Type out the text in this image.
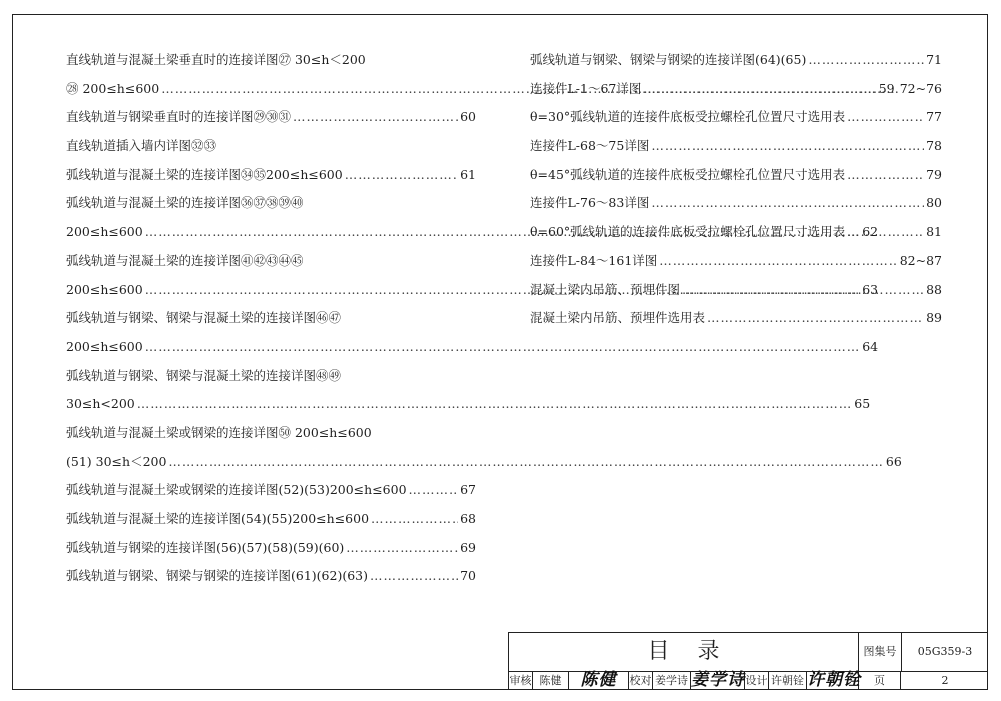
直线轨道与混凝土梁垂直时的连接详图㉗ 30≤h＜200
㉘ 200≤h≤600 ……………………………………………………………………………………………………………………………………………	59
直线轨道与钢梁垂直时的连接详图㉙㉚㉛ ……………………………………………………………………………………………………………………………………………	60
直线轨道插入墙内详图㉜㉝
弧线轨道与混凝土梁的连接详图㉞㉟200≤h≤600 ……………………………………………………………………………………………………………………………………………	61
弧线轨道与混凝土梁的连接详图㊱㊲㊳㊴㊵
200≤h≤600 ……………………………………………………………………………………………………………………………………………	62
弧线轨道与混凝土梁的连接详图㊶㊷㊸㊹㊺
200≤h≤600 ……………………………………………………………………………………………………………………………………………	63
弧线轨道与钢梁、钢梁与混凝土梁的连接详图㊻㊼
200≤h≤600 ……………………………………………………………………………………………………………………………………………	64
弧线轨道与钢梁、钢梁与混凝土梁的连接详图㊽㊾
30≤h<200 ……………………………………………………………………………………………………………………………………………	65
弧线轨道与混凝土梁或钢梁的连接详图㊿ 200≤h≤600
(51) 30≤h＜200 ……………………………………………………………………………………………………………………………………………	66
弧线轨道与混凝土梁或钢梁的连接详图(52)(53)200≤h≤600 ……………………………………………………………………………………………………………………………………………	67
弧线轨道与混凝土梁的连接详图(54)(55)200≤h≤600 ……………………………………………………………………………………………………………………………………………	68
弧线轨道与钢梁的连接详图(56)(57)(58)(59)(60) ……………………………………………………………………………………………………………………………………………	69
弧线轨道与钢梁、钢梁与钢梁的连接详图(61)(62)(63) ……………………………………………………………………………………………………………………………………………	70
弧线轨道与钢梁、钢梁与钢梁的连接详图(64)(65) ……………………………………………………………………………………………………………………………………………	71
连接件L-1～67详图 ……………………………………………………………………………………………………………………………………………	72~76
θ=30°弧线轨道的连接件底板受拉螺栓孔位置尺寸选用表 ……………………………………………………………………………………………………………………………………………	77
连接件L-68～75详图 ……………………………………………………………………………………………………………………………………………	78
θ=45°弧线轨道的连接件底板受拉螺栓孔位置尺寸选用表 ……………………………………………………………………………………………………………………………………………	79
连接件L-76～83详图 ……………………………………………………………………………………………………………………………………………	80
θ=60°弧线轨道的连接件底板受拉螺栓孔位置尺寸选用表 ……………………………………………………………………………………………………………………………………………	81
连接件L-84～161详图 ……………………………………………………………………………………………………………………………………………	82~87
混凝土梁内吊筋、预埋件图 ……………………………………………………………………………………………………………………………………………	88
混凝土梁内吊筋、预埋件选用表 ……………………………………………………………………………………………………………………………………………	89
目录	图集号	05G359-3
审核 陈健	陈健	校对 姜学诗 姜学诗 设计 许朝铨 许朝铨	页	2
